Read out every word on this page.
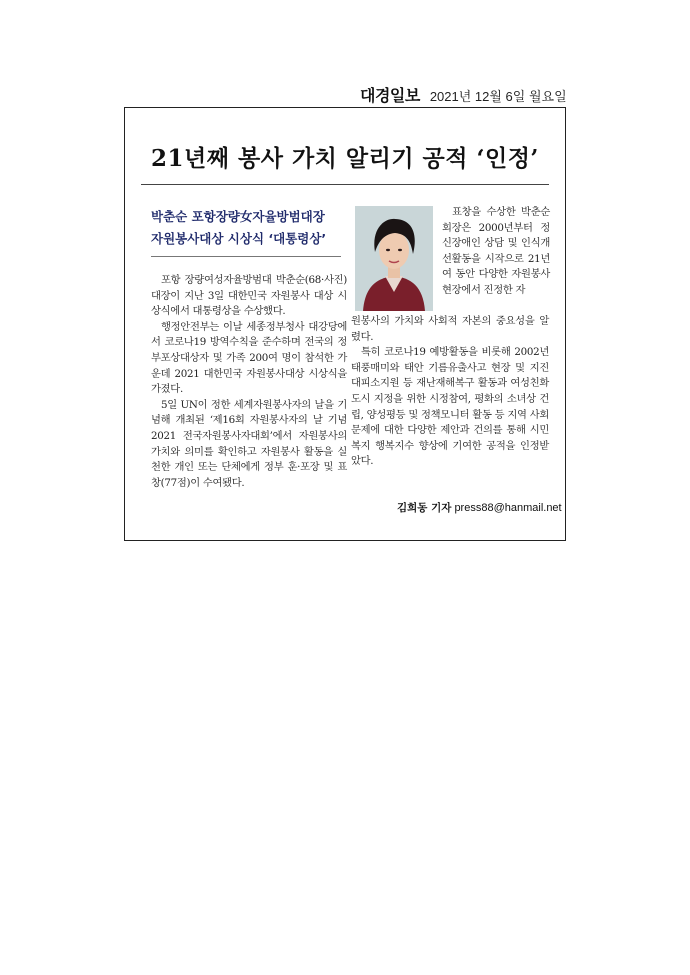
대경일보 2021년 12월 6일 월요일
21년째 봉사 가치 알리기 공적 ‘인정’
박춘순 포항장량女자율방범대장
자원봉사대상 시상식 ‘대통령상’

포항 장량여성자율방범대 박춘순(68·사진) 대장이 지난 3일 대한민국 자원봉사 대상 시상식에서 대통령상을 수상했다.

행정안전부는 이날 세종정부청사 대강당에서 코로나19 방역수칙을 준수하며 전국의 정부포상대상자 및 가족 200여 명이 참석한 가운데 2021 대한민국 자원봉사대상 시상식을 가졌다.

5일 UN이 정한 세계자원봉사자의 날을 기념해 개최된 ‘제16회 자원봉사자의 날 기념 2021 전국자원봉사자대회’에서 자원봉사의 가치와 의미를 확인하고 자원봉사 활동을 실천한 개인 또는 단체에게 정부 훈·포장 및 표창(77점)이 수여됐다.

표창을 수상한 박춘순 회장은 2000년부터 정신장애인 상담 및 인식개선활동을 시작으로 21년여 동안 다양한 자원봉사 현장에서 진정한 자

원봉사의 가치와 사회적 자본의 중요성을 알렸다.

특히 코로나19 예방활동을 비롯해 2002년 태풍매미와 태안 기름유출사고 현장 및 지진 대피소지원 등 재난재해복구 활동과 여성친화도시 지정을 위한 시정참여, 평화의 소녀상 건립, 양성평등 및 정책모니터 활동 등 지역 사회문제에 대한 다양한 제안과 건의를 통해 시민복지 행복지수 향상에 기여한 공적을 인정받았다.

김희동 기자 press88@hanmail.net
